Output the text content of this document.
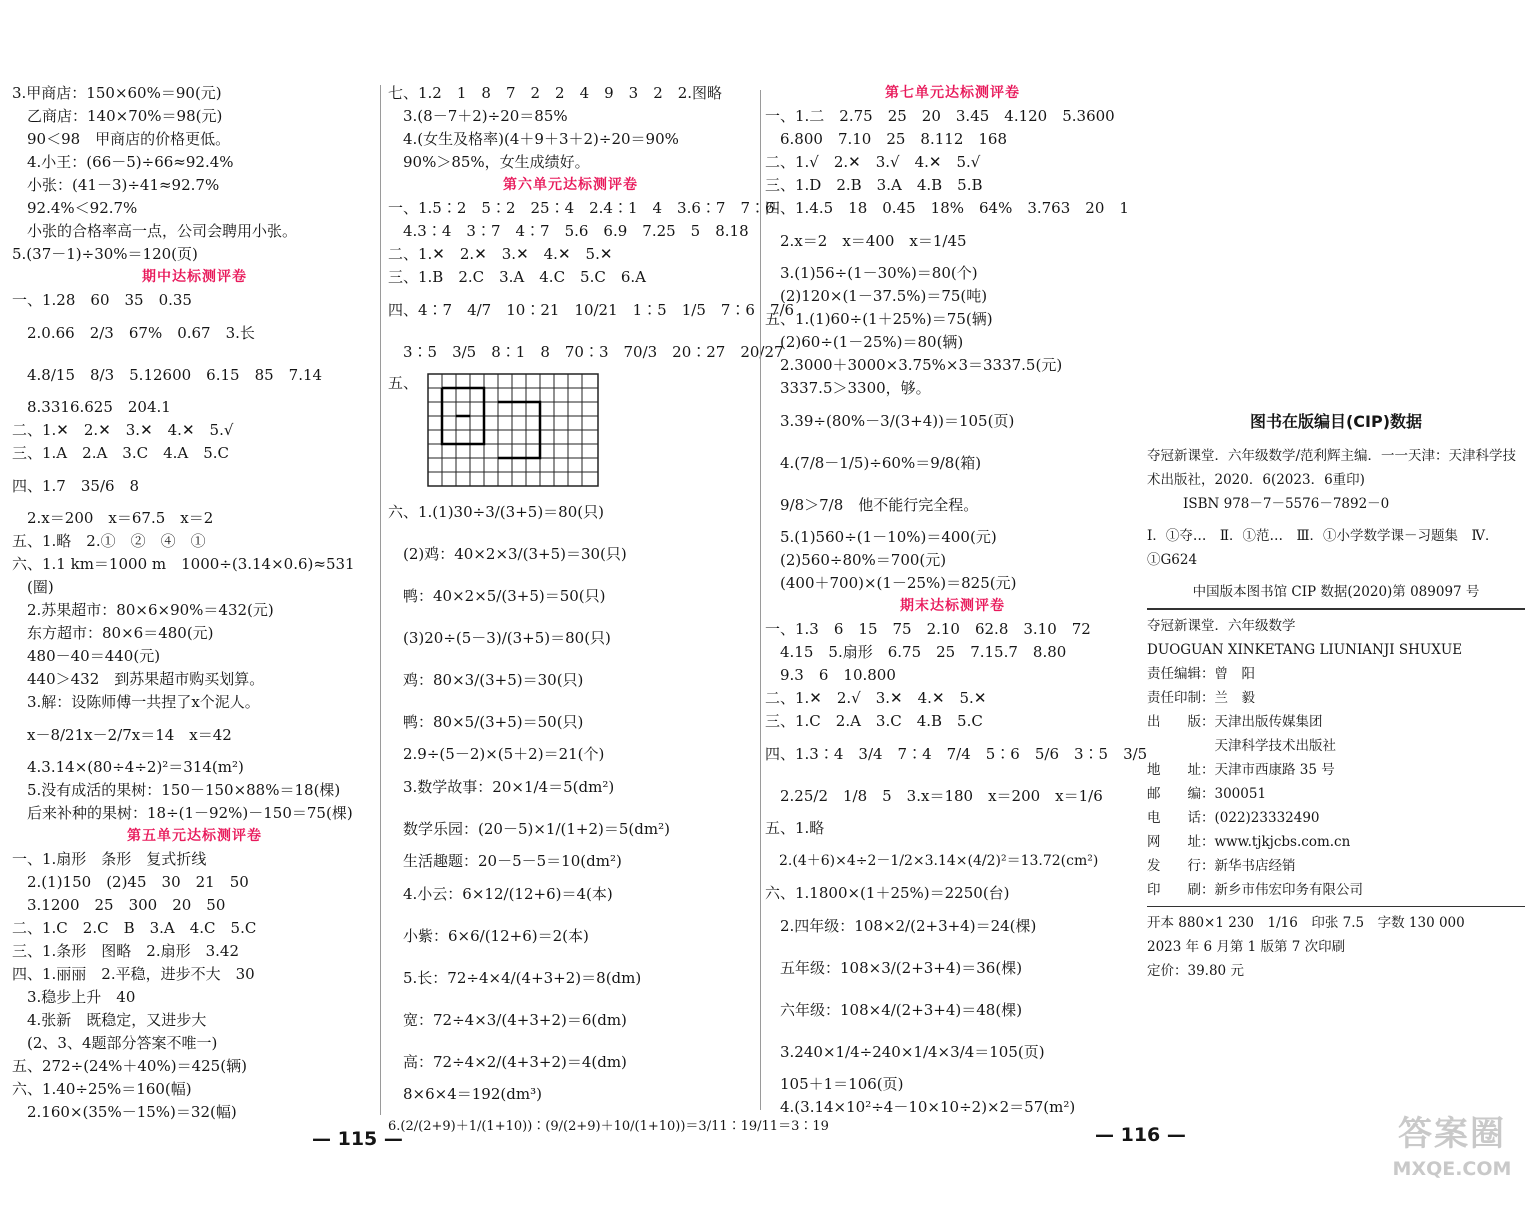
3.甲商店：150×60%＝90(元)
　乙商店：140×70%＝98(元)
　90＜98　甲商店的价格更低。
　4.小王：(66－5)÷66≈92.4%
　小张：(41－3)÷41≈92.7%
　92.4%＜92.7%
　小张的合格率高一点，公司会聘用小张。
5.(37－1)÷30%＝120(页)
期中达标测评卷
一、1.28　60　35　0.35
　2.0.66　2/3　67%　0.67　3.长
　4.8/15　8/3　5.12600　6.15　85　7.14
　8.3316.625　204.1
二、1.✕　2.✕　3.✕　4.✕　5.√
三、1.A　2.A　3.C　4.A　5.C
四、1.7　35/6　8
　2.x＝200　x＝67.5　x＝2
五、1.略　2.①　②　④　①
六、1.1 km＝1000 m　1000÷(3.14×0.6)≈531
　(圈)
　2.苏果超市：80×6×90%＝432(元)
　东方超市：80×6＝480(元)
　480－40＝440(元)
　440＞432　到苏果超市购买划算。
　3.解：设陈师傅一共捏了x个泥人。
　x－8/21x－2/7x＝14　x＝42
　4.3.14×(80÷4÷2)²＝314(m²)
　5.没有成活的果树：150－150×88%＝18(棵)
　后来补种的果树：18÷(1－92%)－150＝75(棵)
第五单元达标测评卷
一、1.扇形　条形　复式折线
　2.(1)150　(2)45　30　21　50
　3.1200　25　300　20　50
二、1.C　2.C　B　3.A　4.C　5.C
三、1.条形　图略　2.扇形　3.42
四、1.丽丽　2.平稳，进步不大　30
　3.稳步上升　40
　4.张新　既稳定，又进步大
　(2、3、4题部分答案不唯一)
五、272÷(24%＋40%)＝425(辆)
六、1.40÷25%＝160(幅)
　2.160×(35%－15%)＝32(幅)
七、1.2　1　8　7　2　2　4　9　3　2　2.图略
　3.(8－7＋2)÷20＝85%
　4.(女生及格率)(4＋9＋3＋2)÷20＝90%
　90%＞85%，女生成绩好。
第六单元达标测评卷
一、1.5∶2　5∶2　25∶4　2.4∶1　4　3.6∶7　7∶6
　4.3∶4　3∶7　4∶7　5.6　6.9　7.25　5　8.18
二、1.✕　2.✕　3.✕　4.✕　5.✕
三、1.B　2.C　3.A　4.C　5.C　6.A
四、4∶7　4/7　10∶21　10/21　1∶5　1/5　7∶6　7/6
　3∶5　3/5　8∶1　8　70∶3　70/3　20∶27　20/27
五、
六、1.(1)30÷3/(3+5)＝80(只)
　(2)鸡：40×2×3/(3+5)＝30(只)
　鸭：40×2×5/(3+5)＝50(只)
　(3)20÷(5－3)/(3+5)＝80(只)
　鸡：80×3/(3+5)＝30(只)
　鸭：80×5/(3+5)＝50(只)
　2.9÷(5－2)×(5＋2)＝21(个)
　3.数学故事：20×1/4＝5(dm²)
　数学乐园：(20－5)×1/(1+2)＝5(dm²)
　生活趣题：20－5－5＝10(dm²)
　4.小云：6×12/(12+6)＝4(本)
　小紫：6×6/(12+6)＝2(本)
　5.长：72÷4×4/(4+3+2)＝8(dm)
　宽：72÷4×3/(4+3+2)＝6(dm)
　高：72÷4×2/(4+3+2)＝4(dm)
　8×6×4＝192(dm³)
6.(2/(2+9)＋1/(1+10))∶(9/(2+9)＋10/(1+10))＝3/11∶19/11＝3∶19
第七单元达标测评卷
一、1.二　2.75　25　20　3.45　4.120　5.3600
　6.800　7.10　25　8.112　168
二、1.√　2.✕　3.√　4.✕　5.√
三、1.D　2.B　3.A　4.B　5.B
四、1.4.5　18　0.45　18%　64%　3.763　20　1
　2.x＝2　x＝400　x＝1/45
　3.(1)56÷(1－30%)＝80(个)
　(2)120×(1－37.5%)＝75(吨)
五、1.(1)60÷(1＋25%)＝75(辆)
　(2)60÷(1－25%)＝80(辆)
　2.3000＋3000×3.75%×3＝3337.5(元)
　3337.5＞3300，够。
　3.39÷(80%－3/(3+4))＝105(页)
　4.(7/8－1/5)÷60%＝9/8(箱)
　9/8＞7/8　他不能行完全程。
　5.(1)560÷(1－10%)＝400(元)
　(2)560÷80%＝700(元)
　(400＋700)×(1－25%)＝825(元)
期末达标测评卷
一、1.3　6　15　75　2.10　62.8　3.10　72
　4.15　5.扇形　6.75　25　7.15.7　8.80
　9.3　6　10.800
二、1.✕　2.√　3.✕　4.✕　5.✕
三、1.C　2.A　3.C　4.B　5.C
四、1.3∶4　3/4　7∶4　7/4　5∶6　5/6　3∶5　3/5
　2.25/2　1/8　5　3.x＝180　x＝200　x＝1/6
五、1.略
　2.(4＋6)×4÷2－1/2×3.14×(4/2)²＝13.72(cm²)
六、1.1800×(1＋25%)＝2250(台)
　2.四年级：108×2/(2+3+4)＝24(棵)
　五年级：108×3/(2+3+4)＝36(棵)
　六年级：108×4/(2+3+4)＝48(棵)
　3.240×1/4÷240×1/4×3/4＝105(页)
　105＋1＝106(页)
　4.(3.14×10²÷4－10×10÷2)×2＝57(m²)
图书在版编目(CIP)数据
夺冠新课堂．六年级数学/范利辉主编．一一天津：天津科学技术出版社，2020．6(2023．6重印)
ISBN 978－7－5576－7892－0
Ⅰ．①夺…　Ⅱ．①范…　Ⅲ．①小学数学课－习题集　Ⅳ．①G624
中国版本图书馆 CIP 数据(2020)第 089097 号
夺冠新课堂．六年级数学
DUOGUAN XINKETANG LIUNIANJI SHUXUE
责任编辑：曾　阳
责任印制：兰　毅
出　　版：天津出版传媒集团
　　　　　天津科学技术出版社
地　　址：天津市西康路 35 号
邮　　编：300051
电　　话：(022)23332490
网　　址：www.tjkjcbs.com.cn
发　　行：新华书店经销
印　　刷：新乡市伟宏印务有限公司
开本 880×1 230　1/16　印张 7.5　字数 130 000
2023 年 6 月第 1 版第 7 次印刷
定价：39.80 元
— 115 —	— 116 —	答案圈
MXQE.COM
